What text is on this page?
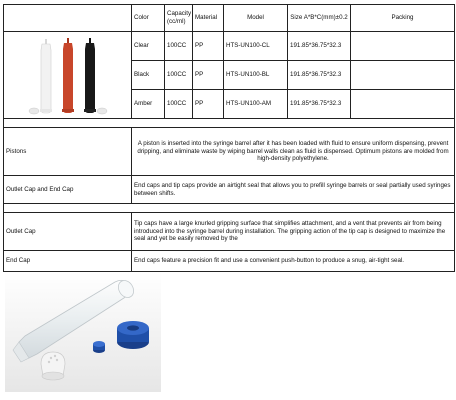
	Color	Capacity (cc/ml)	Material	Model	Size A*B*C(mm)±0.2	Packing

	Clear	100CC	PP	HTS-UN100-CL	191.85*36.75*32.3	
	Black	100CC	PP	HTS-UN100-BL	191.85*36.75*32.3	
	Amber	100CC	PP	HTS-UN100-AM	191.85*36.75*32.3	

Pistons	A piston is inserted into the syringe barrel after it has been loaded with fluid to ensure uniform dispensing, prevent dripping, and eliminate waste by wiping barrel walls clean as fluid is dispensed. Optimum pistons are molded from high-density polyethylene.					
Outlet Cap and End Cap	End caps and tip caps provide an airtight seal that allows you to prefill syringe barrels or seal partially used syringes between shifts.					

Outlet Cap	Tip caps have a large knurled gripping surface that simplifies attachment, and a vent that prevents air from being introduced into the syringe barrel during installation. The gripping action of the tip cap is designed to maximize the seal and yet be easily removed by the					
End Cap	End caps feature a precision fit and use a convenient push-button to produce a snug, air-tight seal.					
